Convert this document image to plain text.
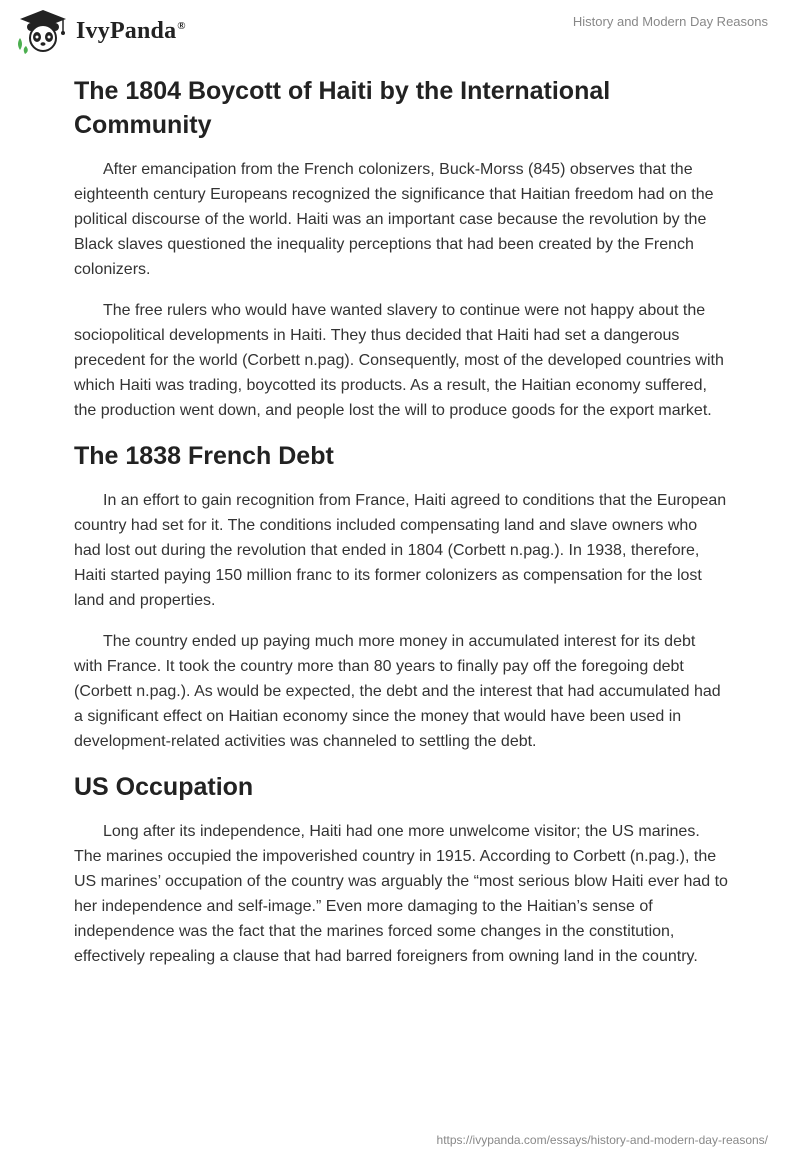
IvyPanda®	History and Modern Day Reasons
The 1804 Boycott of Haiti by the International Community

After emancipation from the French colonizers, Buck-Morss (845) observes that the eighteenth century Europeans recognized the significance that Haitian freedom had on the political discourse of the world. Haiti was an important case because the revolution by the Black slaves questioned the inequality perceptions that had been created by the French colonizers.

The free rulers who would have wanted slavery to continue were not happy about the sociopolitical developments in Haiti. They thus decided that Haiti had set a dangerous precedent for the world (Corbett n.pag). Consequently, most of the developed countries with which Haiti was trading, boycotted its products. As a result, the Haitian economy suffered, the production went down, and people lost the will to produce goods for the export market.

The 1838 French Debt

In an effort to gain recognition from France, Haiti agreed to conditions that the European country had set for it. The conditions included compensating land and slave owners who had lost out during the revolution that ended in 1804 (Corbett n.pag.). In 1938, therefore, Haiti started paying 150 million franc to its former colonizers as compensation for the lost land and properties.

The country ended up paying much more money in accumulated interest for its debt with France. It took the country more than 80 years to finally pay off the foregoing debt (Corbett n.pag.). As would be expected, the debt and the interest that had accumulated had a significant effect on Haitian economy since the money that would have been used in development-related activities was channeled to settling the debt.

US Occupation

Long after its independence, Haiti had one more unwelcome visitor; the US marines. The marines occupied the impoverished country in 1915. According to Corbett (n.pag.), the US marines’ occupation of the country was arguably the “most serious blow Haiti ever had to her independence and self-image.” Even more damaging to the Haitian’s sense of independence was the fact that the marines forced some changes in the constitution, effectively repealing a clause that had barred foreigners from owning land in the country.

https://ivypanda.com/essays/history-and-modern-day-reasons/
